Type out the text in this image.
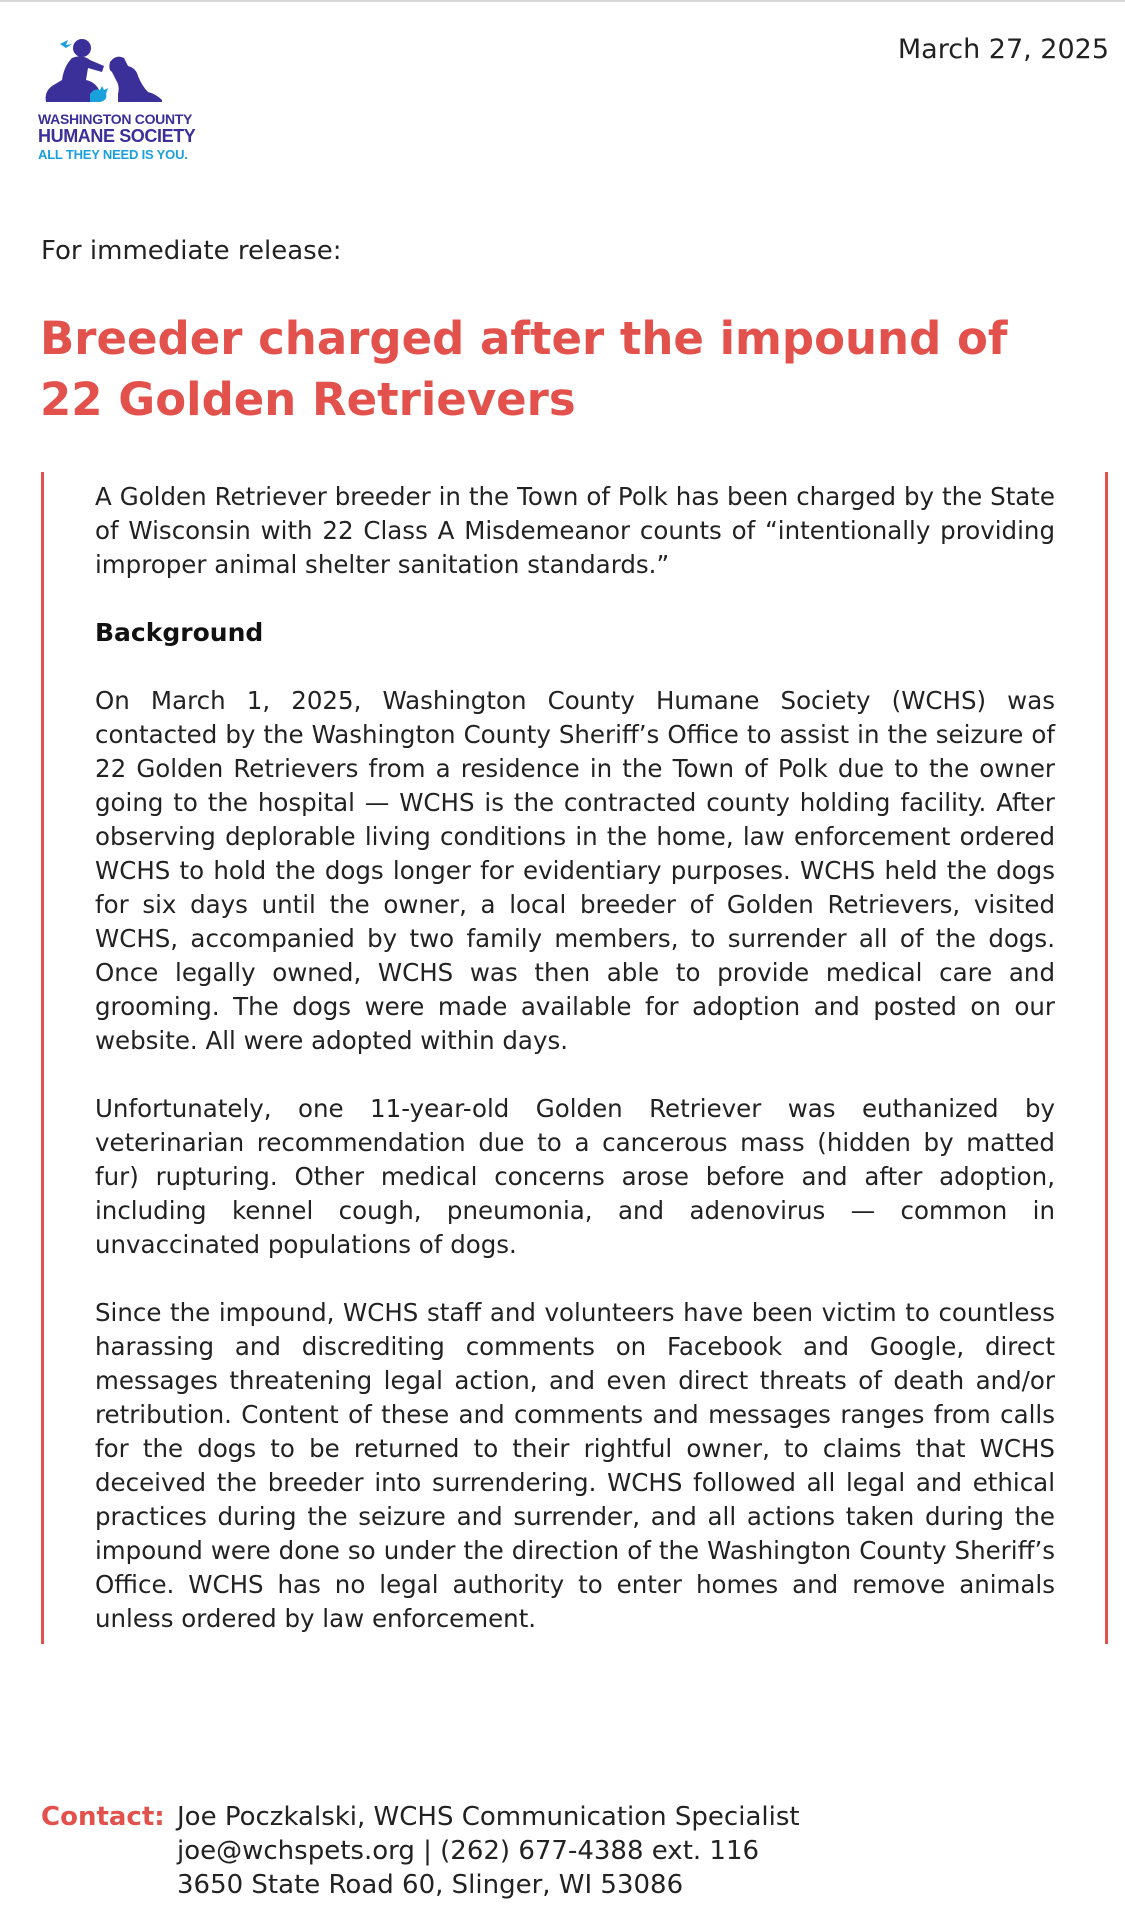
WASHINGTON COUNTY
HUMANE SOCIETY
ALL THEY NEED IS YOU.
March 27, 2025
For immediate release:
Breeder charged after the impound of 22 Golden Retrievers

A Golden Retriever breeder in the Town of Polk has been charged by the State of Wisconsin with 22 Class A Misdemeanor counts of “intentionally providing improper animal shelter sanitation standards.”

Background

On March 1, 2025, Washington County Humane Society (WCHS) was contacted by the Washington County Sheriff’s Office to assist in the seizure of 22 Golden Retrievers from a residence in the Town of Polk due to the owner going to the hospital — WCHS is the contracted county holding facility. After observing deplorable living conditions in the home, law enforcement ordered WCHS to hold the dogs longer for evidentiary purposes. WCHS held the dogs for six days until the owner, a local breeder of Golden Retrievers, visited WCHS, accompanied by two family members, to surrender all of the dogs. Once legally owned, WCHS was then able to provide medical care and grooming. The dogs were made available for adoption and posted on our website. All were adopted within days.

Unfortunately, one 11-year-old Golden Retriever was euthanized by veterinarian recommendation due to a cancerous mass (hidden by matted fur) rupturing. Other medical concerns arose before and after adoption, including kennel cough, pneumonia, and adenovirus — common in unvaccinated populations of dogs.

Since the impound, WCHS staff and volunteers have been victim to countless harassing and discrediting comments on Facebook and Google, direct messages threatening legal action, and even direct threats of death and/or retribution. Content of these and comments and messages ranges from calls for the dogs to be returned to their rightful owner, to claims that WCHS deceived the breeder into surrendering. WCHS followed all legal and ethical practices during the seizure and surrender, and all actions taken during the impound were done so under the direction of the Washington County Sheriff’s Office. WCHS has no legal authority to enter homes and remove animals unless ordered by law enforcement.

Contact: Joe Poczkalski, WCHS Communication Specialist
joe@wchspets.org | (262) 677-4388 ext. 116
3650 State Road 60, Slinger, WI 53086
